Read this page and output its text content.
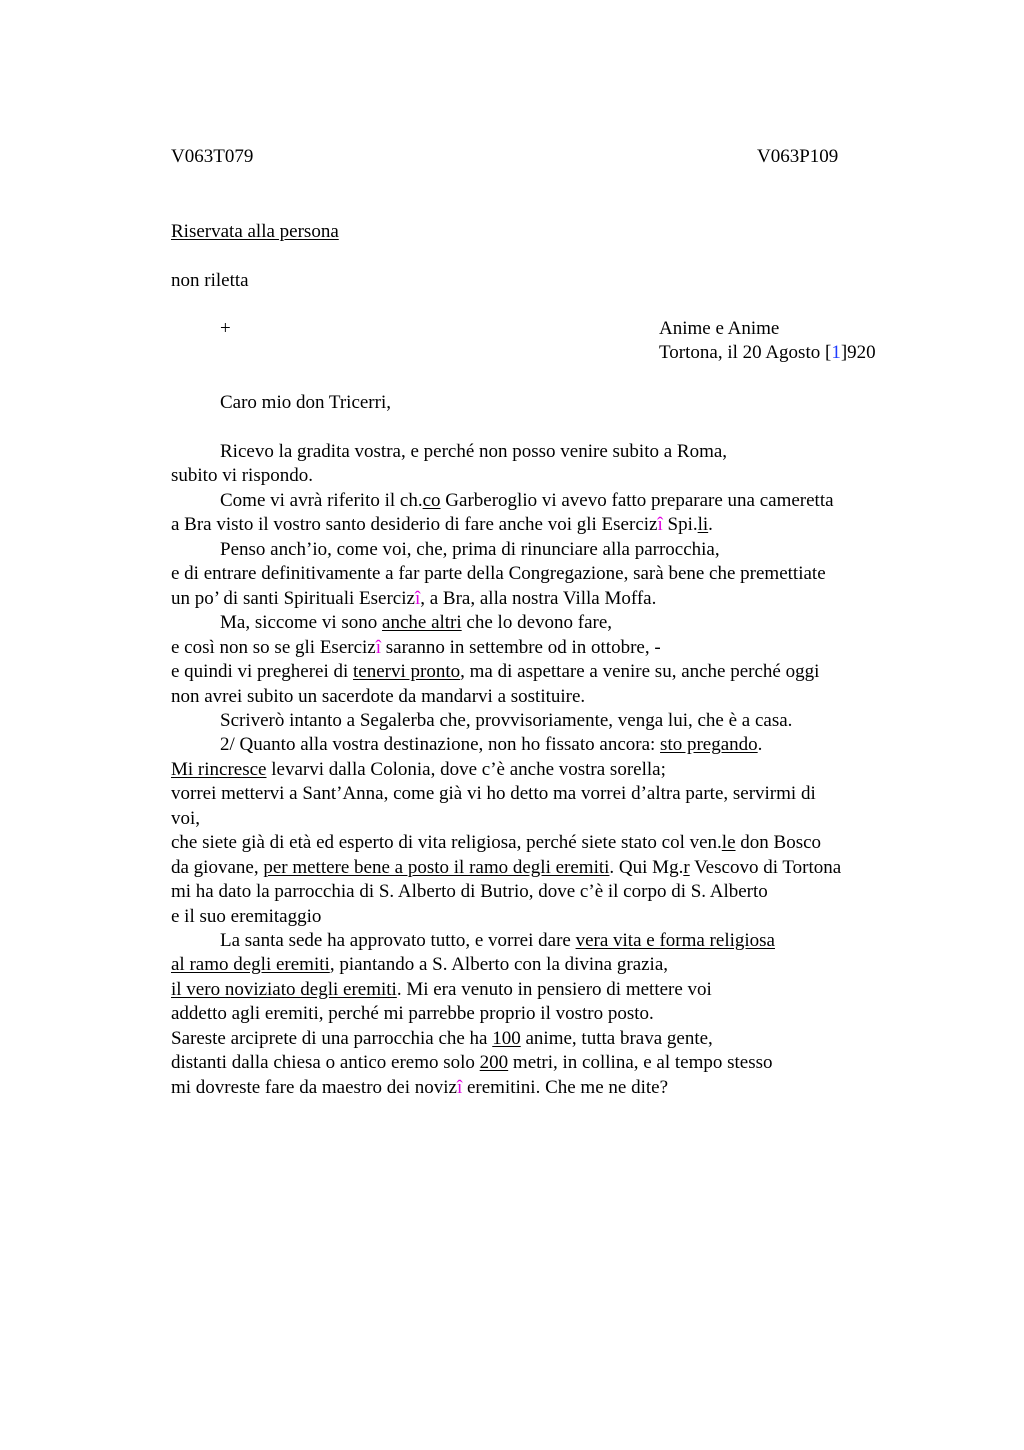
V063T079	V063P109
Riservata alla persona
non riletta
+	Anime e Anime
Tortona, il 20 Agosto [1]920
Caro mio don Tricerri,
Ricevo la gradita vostra, e perché non posso venire subito a Roma,
subito vi rispondo.
Come vi avrà riferito il ch.co Garberoglio vi avevo fatto preparare una cameretta
a Bra visto il vostro santo desiderio di fare anche voi gli Esercizî Spi.li.
Penso anch’io, come voi, che, prima di rinunciare alla parrocchia,
e di entrare definitivamente a far parte della Congregazione, sarà bene che premettiate
un po’ di santi Spirituali Esercizî, a Bra, alla nostra Villa Moffa.
Ma, siccome vi sono anche altri che lo devono fare,
e così non so se gli Esercizî saranno in settembre od in ottobre, -
e quindi vi pregherei di tenervi pronto, ma di aspettare a venire su, anche perché oggi
non avrei subito un sacerdote da mandarvi a sostituire.
Scriverò intanto a Segalerba che, provvisoriamente, venga lui, che è a casa.
2/ Quanto alla vostra destinazione, non ho fissato ancora: sto pregando.
Mi rincresce levarvi dalla Colonia, dove c’è anche vostra sorella;
vorrei mettervi a Sant’Anna, come già vi ho detto ma vorrei d’altra parte, servirmi di
voi,
che siete già di età ed esperto di vita religiosa, perché siete stato col ven.le don Bosco
da giovane, per mettere bene a posto il ramo degli eremiti. Qui Mg.r Vescovo di Tortona
mi ha dato la parrocchia di S. Alberto di Butrio, dove c’è il corpo di S. Alberto
e il suo eremitaggio
La santa sede ha approvato tutto, e vorrei dare vera vita e forma religiosa
al ramo degli eremiti, piantando a S. Alberto con la divina grazia,
il vero noviziato degli eremiti. Mi era venuto in pensiero di mettere voi
addetto agli eremiti, perché mi parrebbe proprio il vostro posto.
Sareste arciprete di una parrocchia che ha 100 anime, tutta brava gente,
distanti dalla chiesa o antico eremo solo 200 metri, in collina, e al tempo stesso
mi dovreste fare da maestro dei novizî eremitini. Che me ne dite?
